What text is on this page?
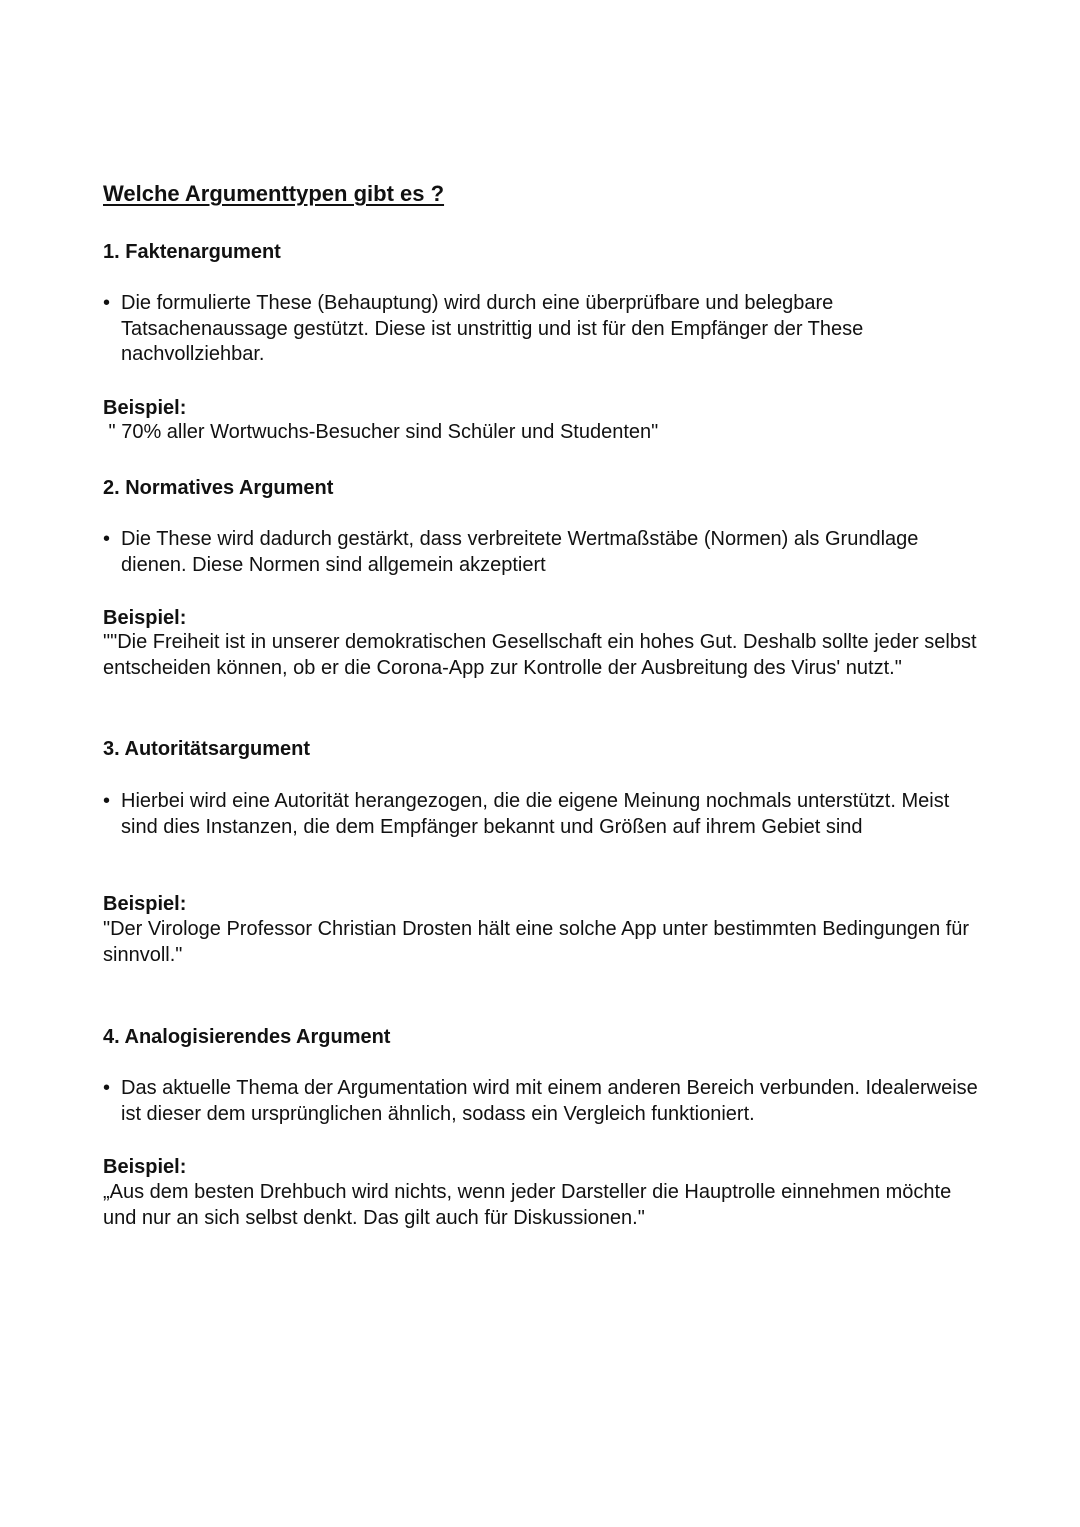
Welche Argumenttypen gibt es ?
1. Faktenargument
• Die formulierte These (Behauptung) wird durch eine überprüfbare und belegbare Tatsachenaussage gestützt. Diese ist unstrittig und ist für den Empfänger der These nachvollziehbar.
Beispiel:
" 70% aller Wortwuchs-Besucher sind Schüler und Studenten"
2. Normatives Argument
• Die These wird dadurch gestärkt, dass verbreitete Wertmaßstäbe (Normen) als Grundlage dienen. Diese Normen sind allgemein akzeptiert
Beispiel:
""Die Freiheit ist in unserer demokratischen Gesellschaft ein hohes Gut. Deshalb sollte jeder selbst entscheiden können, ob er die Corona-App zur Kontrolle der Ausbreitung des Virus' nutzt."
3. Autoritätsargument
• Hierbei wird eine Autorität herangezogen, die die eigene Meinung nochmals unterstützt. Meist sind dies Instanzen, die dem Empfänger bekannt und Größen auf ihrem Gebiet sind
Beispiel:
"Der Virologe Professor Christian Drosten hält eine solche App unter bestimmten Bedingungen für sinnvoll."
4. Analogisierendes Argument
• Das aktuelle Thema der Argumentation wird mit einem anderen Bereich verbunden. Idealerweise ist dieser dem ursprünglichen ähnlich, sodass ein Vergleich funktioniert.
Beispiel:
„Aus dem besten Drehbuch wird nichts, wenn jeder Darsteller die Hauptrolle einnehmen möchte und nur an sich selbst denkt. Das gilt auch für Diskussionen."
